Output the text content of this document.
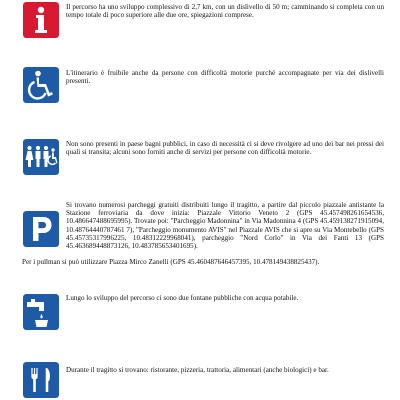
Il percorso ha uno sviluppo complessivo di 2,7 km, con un dislivello di 50 m; camminando si completa con un tempo totale di poco superiore alle due ore, spiegazioni comprese.
L'itinerario è fruibile anche da persone con difficoltà motorie purché accompagnate per via dei dislivelli presenti.
Non sono presenti in paese bagni pubblici, in caso di necessità ci si deve rivolgere ad uno dei bar nei pressi dei quali si transita; alcuni sono forniti anche di servizi per persone con difficoltà motorie.
Si trovano numerosi parcheggi gratuiti distribuiti lungo il tragitto, a partire dal piccolo piazzale antistante la Stazione ferroviaria da dove inizia: Piazzale Vittorio Veneto 2 (GPS 45.457498261654536, 10.486647488695995). Trovate poi: "Parcheggio Madonnina" in Via Madonnina 4 (GPS 45.459138271915094, 10.48764440787461 7), "Parcheggio monumento AVIS" nel Piazzale AVIS che si apre su Via Montebello (GPS 45.45735317996225, 10.48312229968041), parcheggio "Nord Corlo" in Via dei Fanti 13 (GPS 45.463689448873126, 10.483785653401695).
Per i pullman si può utilizzare Piazza Mirco Zanelli (GPS 45.460487646457395, 10.478149438825437).
Lungo lo sviluppo del percorso ci sono due fontane pubbliche con acqua potabile.
Durante il tragitto si trovano: ristorante, pizzeria, trattoria, alimentari (anche biologici) e bar.
